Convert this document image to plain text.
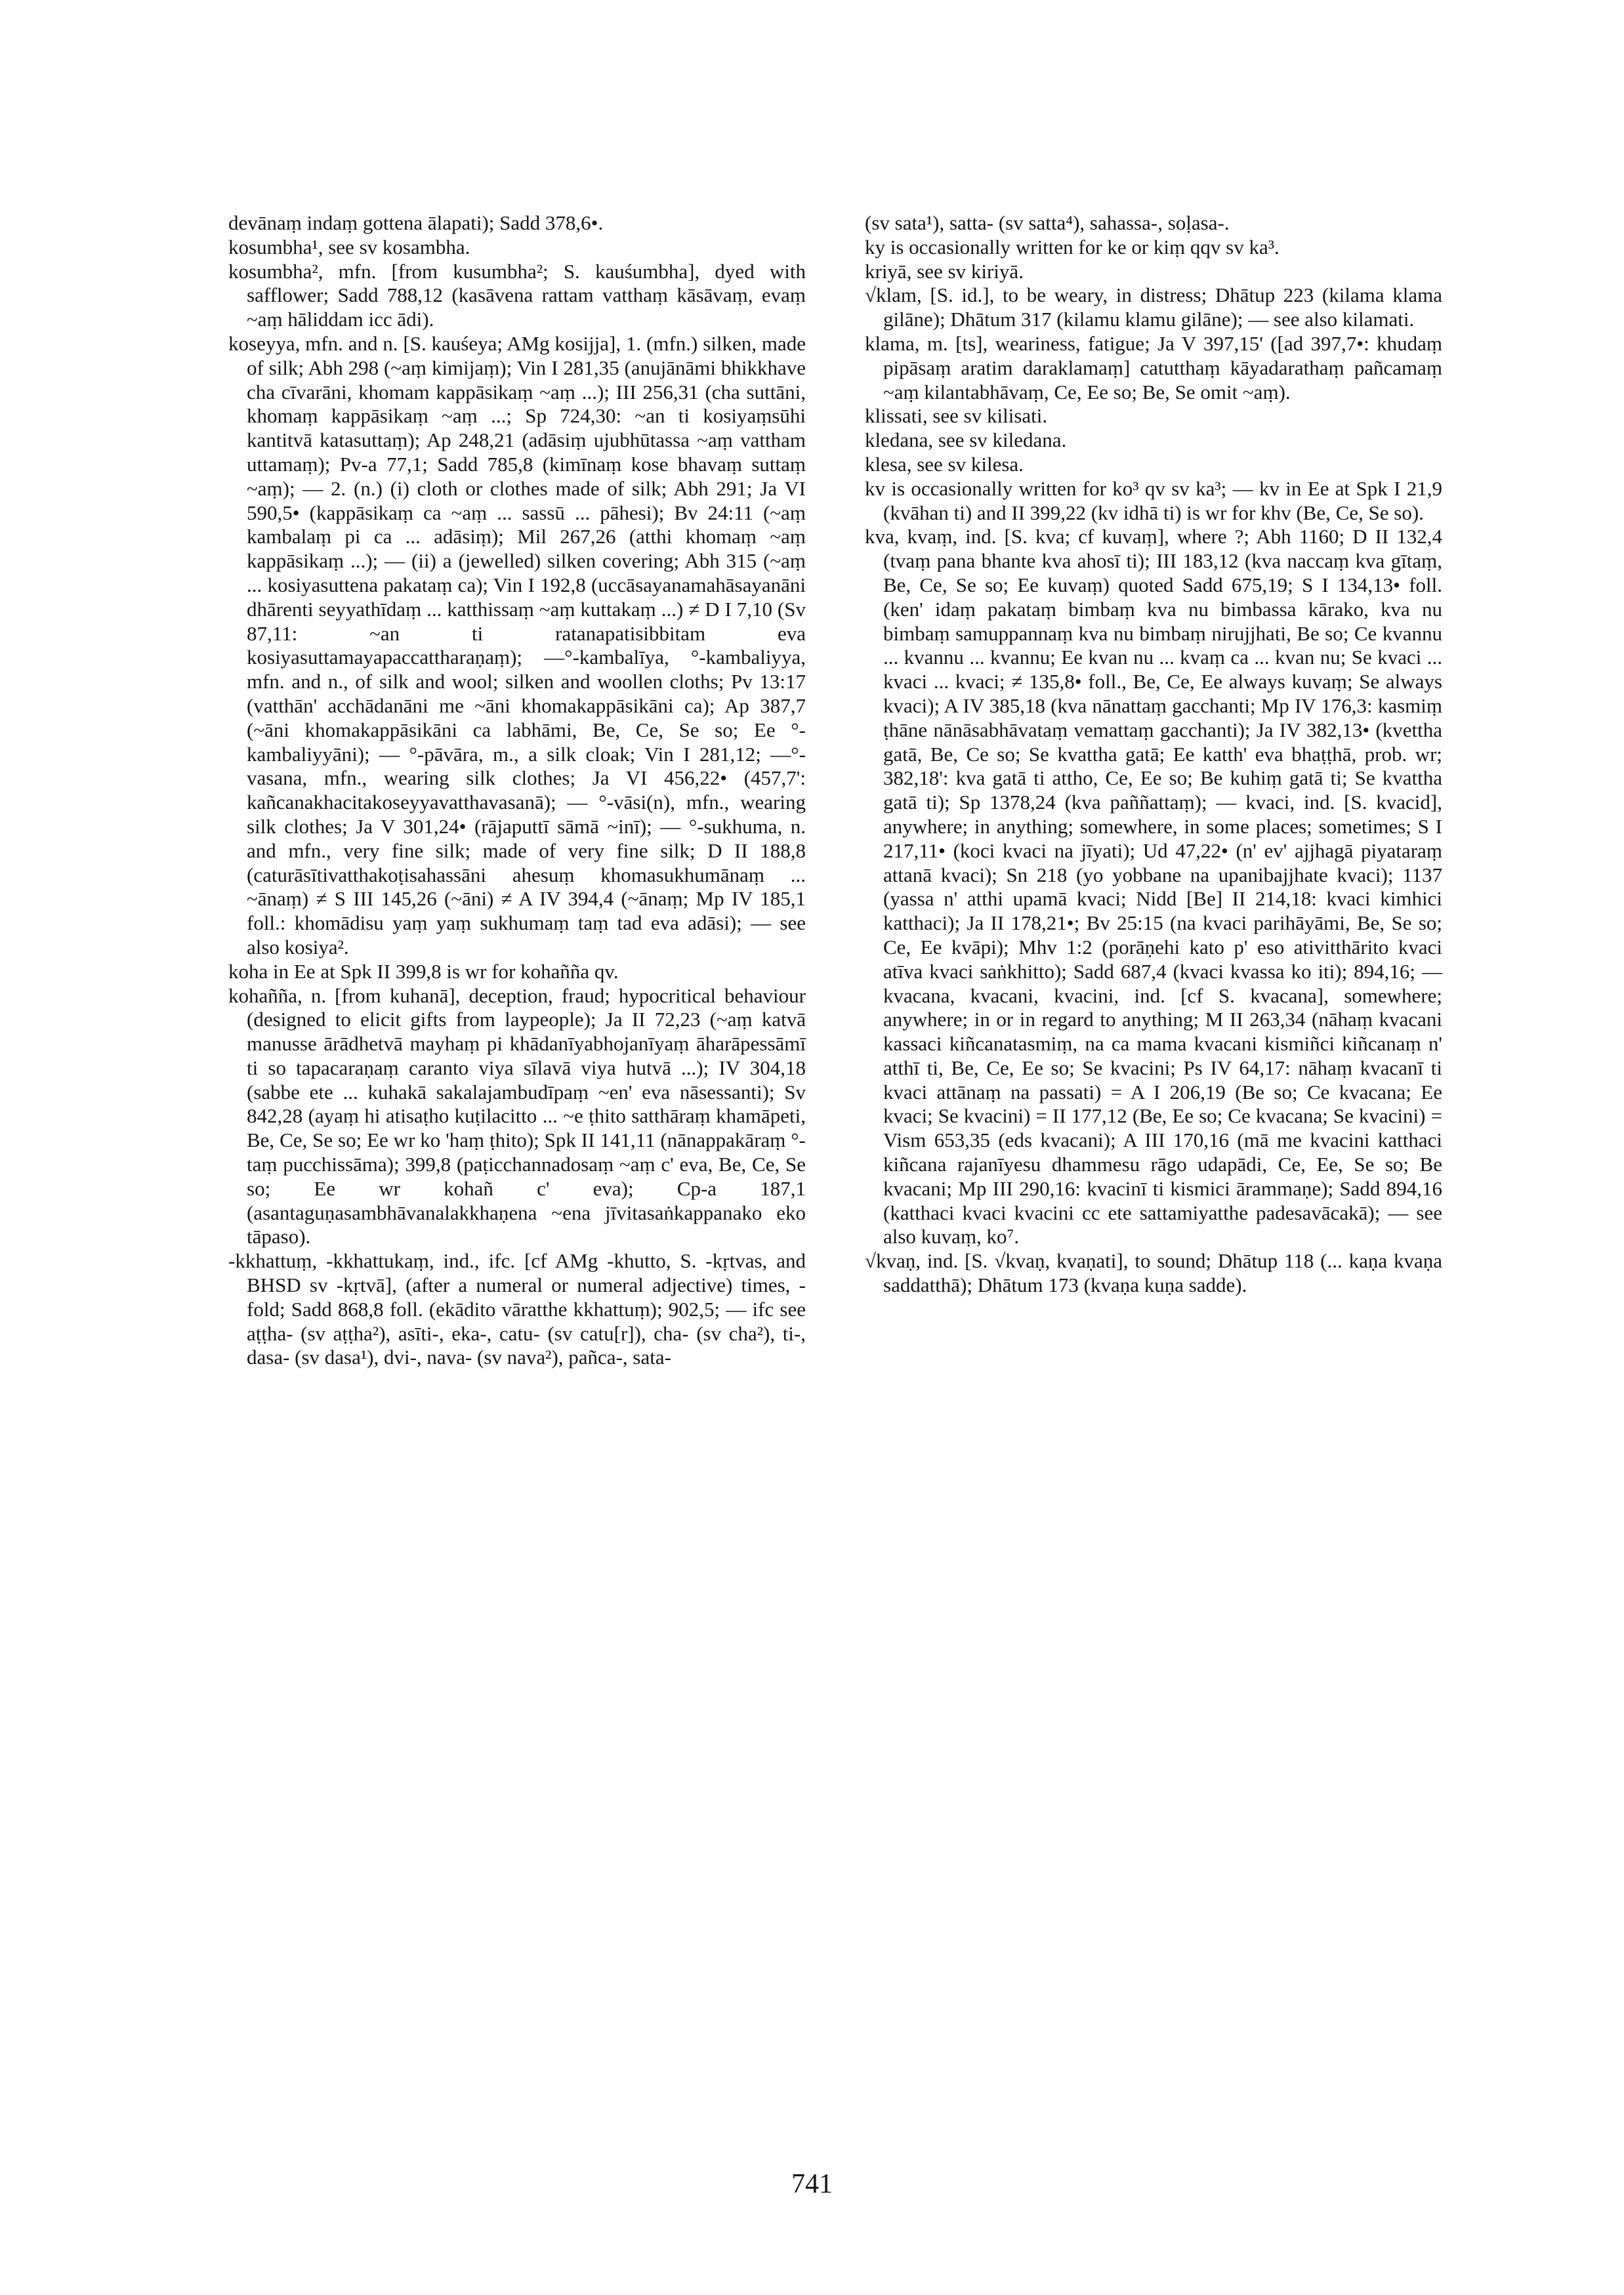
devānaṃ indaṃ gottena ālapati); Sadd 378,6•.

kosumbha¹, see sv kosambha.

kosumbha², mfn. [from kusumbha²; S. kauśumbha], dyed with safflower; Sadd 788,12 (kasāvena rattam vatthaṃ kāsāvaṃ, evaṃ ~aṃ hāliddam icc ādi).

koseyya, mfn. and n. [S. kauśeya; AMg kosijja], 1. (mfn.) silken, made of silk; Abh 298 (~aṃ kimijaṃ); Vin I 281,35 (anujānāmi bhikkhave cha cīvarāni, khomam kappāsikaṃ ~aṃ ...); III 256,31 (cha suttāni, khomaṃ kappāsikaṃ ~aṃ ...; Sp 724,30: ~an ti kosiyaṃsūhi kantitvā katasuttaṃ); Ap 248,21 (adāsiṃ ujubhūtassa ~aṃ vattham uttamaṃ); Pv-a 77,1; Sadd 785,8 (kimīnaṃ kose bhavaṃ suttaṃ ~aṃ); — 2. (n.) (i) cloth or clothes made of silk; Abh 291; Ja VI 590,5• (kappāsikaṃ ca ~aṃ ... sassū ... pāhesi); Bv 24:11 (~aṃ kambalaṃ pi ca ... adāsiṃ); Mil 267,26 (atthi khomaṃ ~aṃ kappāsikaṃ ...); — (ii) a (jewelled) silken covering; Abh 315 (~aṃ ... kosiyasuttena pakataṃ ca); Vin I 192,8 (uccāsayanamahāsayanāni dhārenti seyyathīdaṃ ... katthissaṃ ~aṃ kuttakaṃ ...) ≠ D I 7,10 (Sv 87,11: ~an ti ratanapatisibbitam eva kosiyasuttamayapaccattharaṇaṃ); —°-kambalīya, °-kambaliyya, mfn. and n., of silk and wool; silken and woollen cloths; Pv 13:17 (vatthān' acchādanāni me ~āni khomakappāsikāni ca); Ap 387,7 (~āni khomakappāsikāni ca labhāmi, Be, Ce, Se so; Ee °-kambaliyyāni); — °-pāvāra, m., a silk cloak; Vin I 281,12; —°-vasana, mfn., wearing silk clothes; Ja VI 456,22• (457,7': kañcanakhacitakoseyyavatthavasanā); — °-vāsi(n), mfn., wearing silk clothes; Ja V 301,24• (rājaputtī sāmā ~inī); — °-sukhuma, n. and mfn., very fine silk; made of very fine silk; D II 188,8 (caturāsītivatthakoṭisahassāni ahesuṃ khomasukhumānaṃ ... ~ānaṃ) ≠ S III 145,26 (~āni) ≠ A IV 394,4 (~ānaṃ; Mp IV 185,1 foll.: khomādisu yaṃ yaṃ sukhumaṃ taṃ tad eva adāsi); — see also kosiya².

koha in Ee at Spk II 399,8 is wr for kohañña qv.

kohañña, n. [from kuhanā], deception, fraud; hypocritical behaviour (designed to elicit gifts from laypeople); Ja II 72,23 (~aṃ katvā manusse ārādhetvā mayhaṃ pi khādanīyabhojanīyaṃ āharāpessāmī ti so tapacaraṇaṃ caranto viya sīlavā viya hutvā ...); IV 304,18 (sabbe ete ... kuhakā sakalajambudīpaṃ ~en' eva nāsessanti); Sv 842,28 (ayaṃ hi atisaṭho kuṭilacitto ... ~e ṭhito satthāraṃ khamāpeti, Be, Ce, Se so; Ee wr ko 'haṃ ṭhito); Spk II 141,11 (nānappakāraṃ °-taṃ pucchissāma); 399,8 (paṭicchannadosaṃ ~aṃ c' eva, Be, Ce, Se so; Ee wr kohañ c' eva); Cp-a 187,1 (asantaguṇasambhāvanalakkhaṇena ~ena jīvitasaṅkappanako eko tāpaso).

-kkhattuṃ, -kkhattukaṃ, ind., ifc. [cf AMg -khutto, S. -kṛtvas, and BHSD sv -kṛtvā], (after a numeral or numeral adjective) times, -fold; Sadd 868,8 foll. (ekādito vāratthe kkhattuṃ); 902,5; — ifc see aṭṭha- (sv aṭṭha²), asīti-, eka-, catu- (sv catu[r]), cha- (sv cha²), ti-, dasa- (sv dasa¹), dvi-, nava- (sv nava²), pañca-, sata-

(sv sata¹), satta- (sv satta⁴), sahassa-, soḷasa-.

ky is occasionally written for ke or kiṃ qqv sv ka³.

kriyā, see sv kiriyā.

√klam, [S. id.], to be weary, in distress; Dhātup 223 (kilama klama gilāne); Dhātum 317 (kilamu klamu gilāne); — see also kilamati.

klama, m. [ts], weariness, fatigue; Ja V 397,15' ([ad 397,7•: khudaṃ pipāsaṃ aratim daraklamaṃ] catutthaṃ kāyadarathaṃ pañcamaṃ ~aṃ kilantabhāvaṃ, Ce, Ee so; Be, Se omit ~aṃ).

klissati, see sv kilisati.

kledana, see sv kiledana.

klesa, see sv kilesa.

kv is occasionally written for ko³ qv sv ka³; — kv in Ee at Spk I 21,9 (kvāhan ti) and II 399,22 (kv idhā ti) is wr for khv (Be, Ce, Se so).

kva, kvaṃ, ind. [S. kva; cf kuvaṃ], where ?; Abh 1160; D II 132,4 (tvaṃ pana bhante kva ahosī ti); III 183,12 (kva naccaṃ kva gītaṃ, Be, Ce, Se so; Ee kuvaṃ) quoted Sadd 675,19; S I 134,13• foll. (ken' idaṃ pakataṃ bimbaṃ kva nu bimbassa kārako, kva nu bimbaṃ samuppannaṃ kva nu bimbaṃ nirujjhati, Be so; Ce kvannu ... kvannu ... kvannu; Ee kvan nu ... kvaṃ ca ... kvan nu; Se kvaci ... kvaci ... kvaci; ≠ 135,8• foll., Be, Ce, Ee always kuvaṃ; Se always kvaci); A IV 385,18 (kva nānattaṃ gacchanti; Mp IV 176,3: kasmiṃ ṭhāne nānāsabhāvataṃ vemattaṃ gacchanti); Ja IV 382,13• (kvettha gatā, Be, Ce so; Se kvattha gatā; Ee katth' eva bhaṭṭhā, prob. wr; 382,18': kva gatā ti attho, Ce, Ee so; Be kuhiṃ gatā ti; Se kvattha gatā ti); Sp 1378,24 (kva paññattaṃ); — kvaci, ind. [S. kvacid], anywhere; in anything; somewhere, in some places; sometimes; S I 217,11• (koci kvaci na jīyati); Ud 47,22• (n' ev' ajjhagā piyataraṃ attanā kvaci); Sn 218 (yo yobbane na upanibajjhate kvaci); 1137 (yassa n' atthi upamā kvaci; Nidd [Be] II 214,18: kvaci kimhici katthaci); Ja II 178,21•; Bv 25:15 (na kvaci parihāyāmi, Be, Se so; Ce, Ee kvāpi); Mhv 1:2 (porāṇehi kato p' eso ativitthārito kvaci atīva kvaci saṅkhitto); Sadd 687,4 (kvaci kvassa ko iti); 894,16; — kvacana, kvacani, kvacini, ind. [cf S. kvacana], somewhere; anywhere; in or in regard to anything; M II 263,34 (nāhaṃ kvacani kassaci kiñcanatasmiṃ, na ca mama kvacani kismiñci kiñcanaṃ n' atthī ti, Be, Ce, Ee so; Se kvacini; Ps IV 64,17: nāhaṃ kvacanī ti kvaci attānaṃ na passati) = A I 206,19 (Be so; Ce kvacana; Ee kvaci; Se kvacini) = II 177,12 (Be, Ee so; Ce kvacana; Se kvacini) = Vism 653,35 (eds kvacani); A III 170,16 (mā me kvacini katthaci kiñcana rajanīyesu dhammesu rāgo udapādi, Ce, Ee, Se so; Be kvacani; Mp III 290,16: kvacinī ti kismici ārammaṇe); Sadd 894,16 (katthaci kvaci kvacini cc ete sattamiyatthe padesavācakā); — see also kuvaṃ, ko⁷.

√kvaṇ, ind. [S. √kvaṇ, kvaṇati], to sound; Dhātup 118 (... kaṇa kvaṇa saddatthā); Dhātum 173 (kvaṇa kuṇa sadde).

741
